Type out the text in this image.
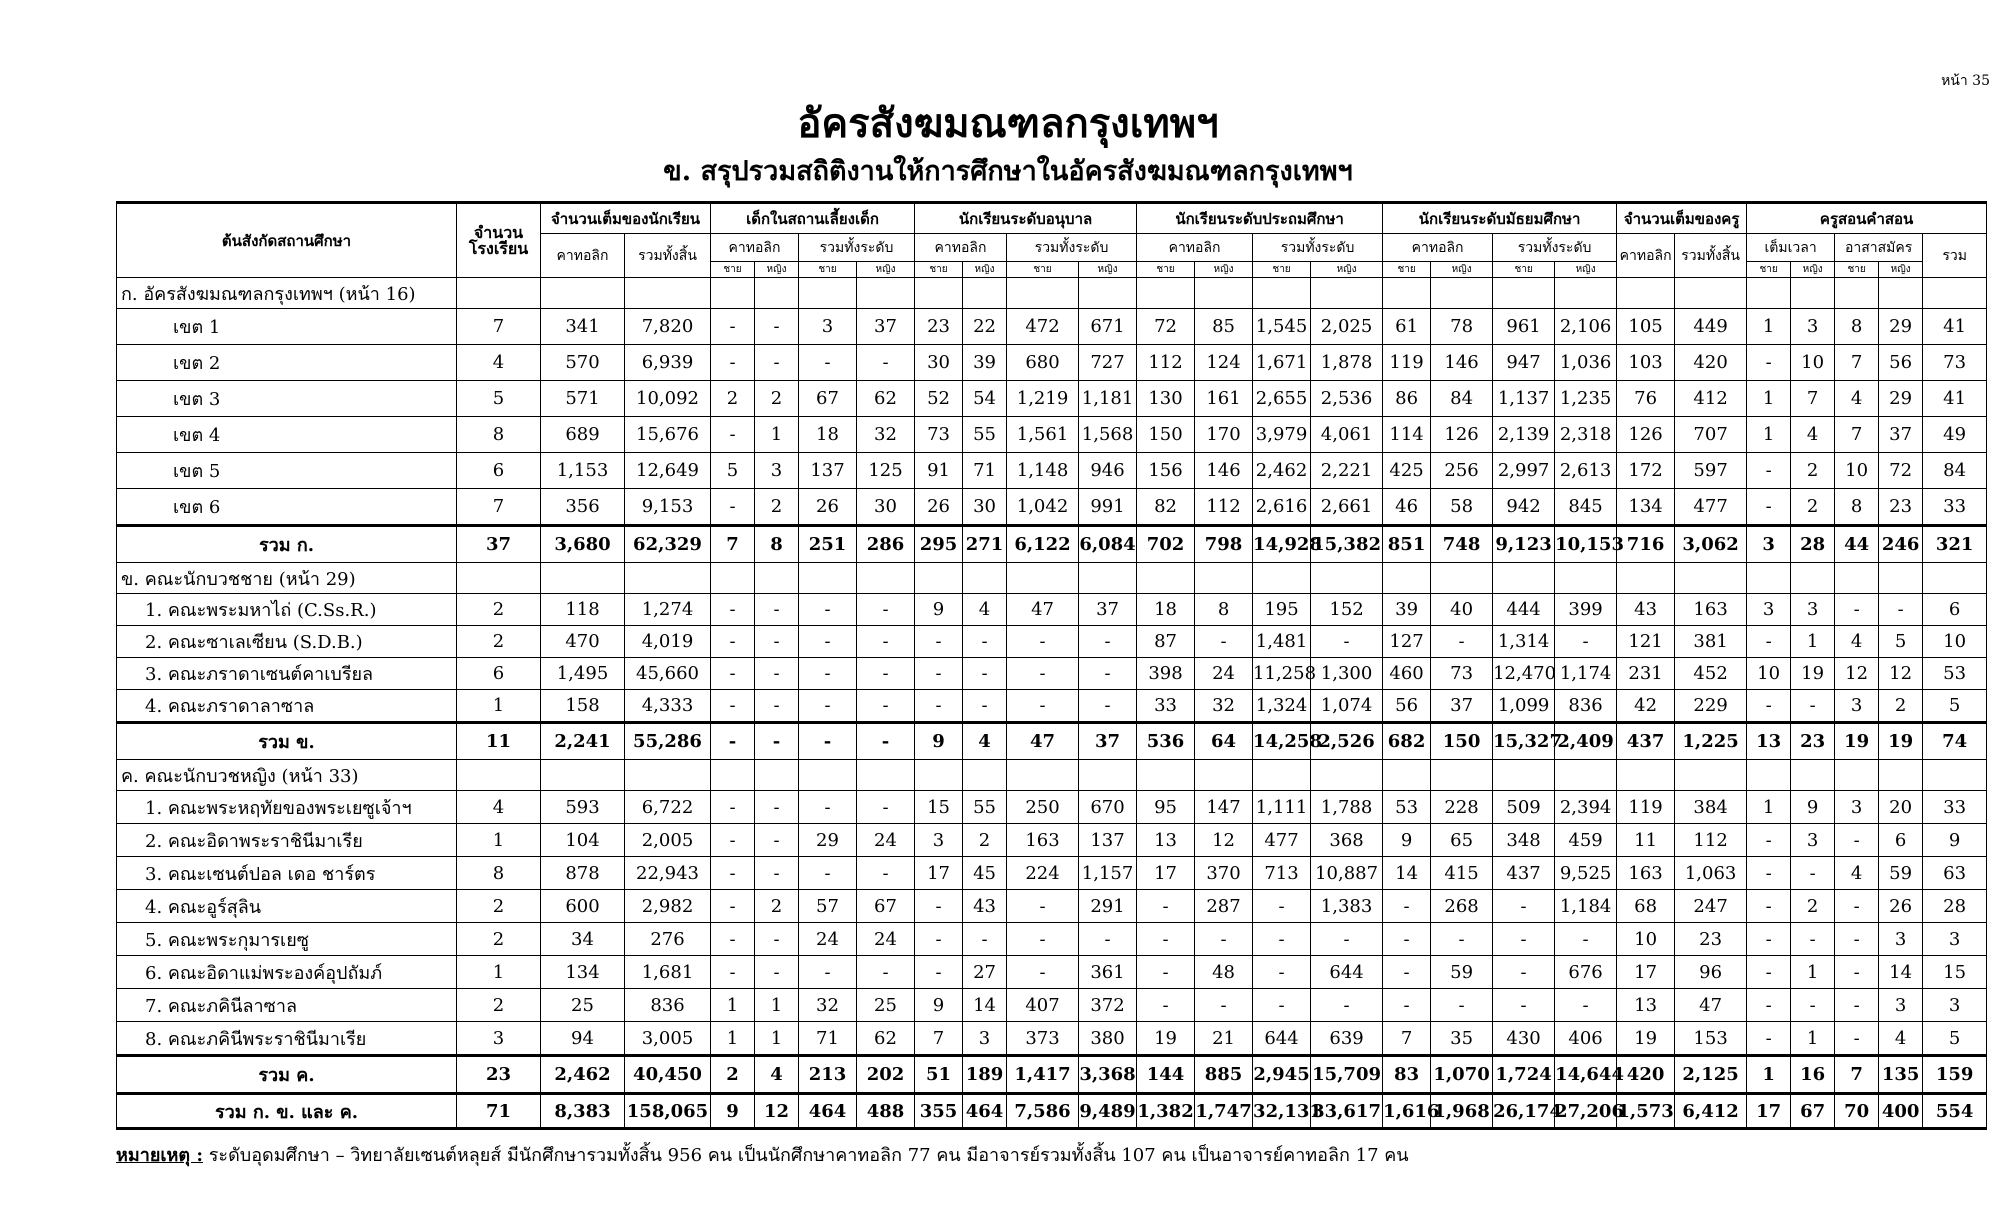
หน้า 35
อัครสังฆมณฑลกรุงเทพฯ
ข. สรุปรวมสถิติงานให้การศึกษาในอัครสังฆมณฑลกรุงเทพฯ
ต้นสังกัดสถานศึกษา	จำนวน โรงเรียน	จำนวนเต็มของนักเรียน		เด็กในสถานเลี้ยงเด็ก				นักเรียนระดับอนุบาล				นักเรียนระดับประถมศึกษา				นักเรียนระดับมัธยมศึกษา				จำนวนเต็มของครู		ครูสอนคำสอน				
		คาทอลิก	รวมทั้งสิ้น	คาทอลิก		รวมทั้งระดับ		คาทอลิก		รวมทั้งระดับ		คาทอลิก		รวมทั้งระดับ		คาทอลิก		รวมทั้งระดับ		คาทอลิก	รวมทั้งสิ้น	เต็มเวลา		อาสาสมัคร		รวม
				ชาย	หญิง	ชาย	หญิง	ชาย	หญิง	ชาย	หญิง	ชาย	หญิง	ชาย	หญิง	ชาย	หญิง	ชาย	หญิง			ชาย	หญิง	ชาย	หญิง	
ก. อัครสังฆมณฑลกรุงเทพฯ (หน้า 16)																										
เขต 1	7	341	7,820	-	-	3	37	23	22	472	671	72	85	1,545	2,025	61	78	961	2,106	105	449	1	3	8	29	41
เขต 2	4	570	6,939	-	-	-	-	30	39	680	727	112	124	1,671	1,878	119	146	947	1,036	103	420	-	10	7	56	73
เขต 3	5	571	10,092	2	2	67	62	52	54	1,219	1,181	130	161	2,655	2,536	86	84	1,137	1,235	76	412	1	7	4	29	41
เขต 4	8	689	15,676	-	1	18	32	73	55	1,561	1,568	150	170	3,979	4,061	114	126	2,139	2,318	126	707	1	4	7	37	49
เขต 5	6	1,153	12,649	5	3	137	125	91	71	1,148	946	156	146	2,462	2,221	425	256	2,997	2,613	172	597	-	2	10	72	84
เขต 6	7	356	9,153	-	2	26	30	26	30	1,042	991	82	112	2,616	2,661	46	58	942	845	134	477	-	2	8	23	33
รวม ก.	37	3,680	62,329	7	8	251	286	295	271	6,122	6,084	702	798	14,928	15,382	851	748	9,123	10,153	716	3,062	3	28	44	246	321
ข. คณะนักบวชชาย (หน้า 29)																										
1. คณะพระมหาไถ่ (C.Ss.R.)	2	118	1,274	-	-	-	-	9	4	47	37	18	8	195	152	39	40	444	399	43	163	3	3	-	-	6
2. คณะซาเลเซียน (S.D.B.)	2	470	4,019	-	-	-	-	-	-	-	-	87	-	1,481	-	127	-	1,314	-	121	381	-	1	4	5	10
3. คณะภราดาเซนต์คาเบรียล	6	1,495	45,660	-	-	-	-	-	-	-	-	398	24	11,258	1,300	460	73	12,470	1,174	231	452	10	19	12	12	53
4. คณะภราดาลาซาล	1	158	4,333	-	-	-	-	-	-	-	-	33	32	1,324	1,074	56	37	1,099	836	42	229	-	-	3	2	5
รวม ข.	11	2,241	55,286	-	-	-	-	9	4	47	37	536	64	14,258	2,526	682	150	15,327	2,409	437	1,225	13	23	19	19	74
ค. คณะนักบวชหญิง (หน้า 33)																										
1. คณะพระหฤทัยของพระเยซูเจ้าฯ	4	593	6,722	-	-	-	-	15	55	250	670	95	147	1,111	1,788	53	228	509	2,394	119	384	1	9	3	20	33
2. คณะอิดาพระราชินีมาเรีย	1	104	2,005	-	-	29	24	3	2	163	137	13	12	477	368	9	65	348	459	11	112	-	3	-	6	9
3. คณะเซนต์ปอล เดอ ชาร์ตร	8	878	22,943	-	-	-	-	17	45	224	1,157	17	370	713	10,887	14	415	437	9,525	163	1,063	-	-	4	59	63
4. คณะอูร์สุลิน	2	600	2,982	-	2	57	67	-	43	-	291	-	287	-	1,383	-	268	-	1,184	68	247	-	2	-	26	28
5. คณะพระกุมารเยซู	2	34	276	-	-	24	24	-	-	-	-	-	-	-	-	-	-	-	-	10	23	-	-	-	3	3
6. คณะอิดาแม่พระองค์อุปถัมภ์	1	134	1,681	-	-	-	-	-	27	-	361	-	48	-	644	-	59	-	676	17	96	-	1	-	14	15
7. คณะภคินีลาซาล	2	25	836	1	1	32	25	9	14	407	372	-	-	-	-	-	-	-	-	13	47	-	-	-	3	3
8. คณะภคินีพระราชินีมาเรีย	3	94	3,005	1	1	71	62	7	3	373	380	19	21	644	639	7	35	430	406	19	153	-	1	-	4	5
รวม ค.	23	2,462	40,450	2	4	213	202	51	189	1,417	3,368	144	885	2,945	15,709	83	1,070	1,724	14,644	420	2,125	1	16	7	135	159
รวม ก. ข. และ ค.	71	8,383	158,065	9	12	464	488	355	464	7,586	9,489	1,382	1,747	32,131	33,617	1,616	1,968	26,174	27,206	1,573	6,412	17	67	70	400	554
หมายเหตุ : ระดับอุดมศึกษา – วิทยาลัยเซนต์หลุยส์ มีนักศึกษารวมทั้งสิ้น 956 คน เป็นนักศึกษาคาทอลิก 77 คน มีอาจารย์รวมทั้งสิ้น 107 คน เป็นอาจารย์คาทอลิก 17 คน
